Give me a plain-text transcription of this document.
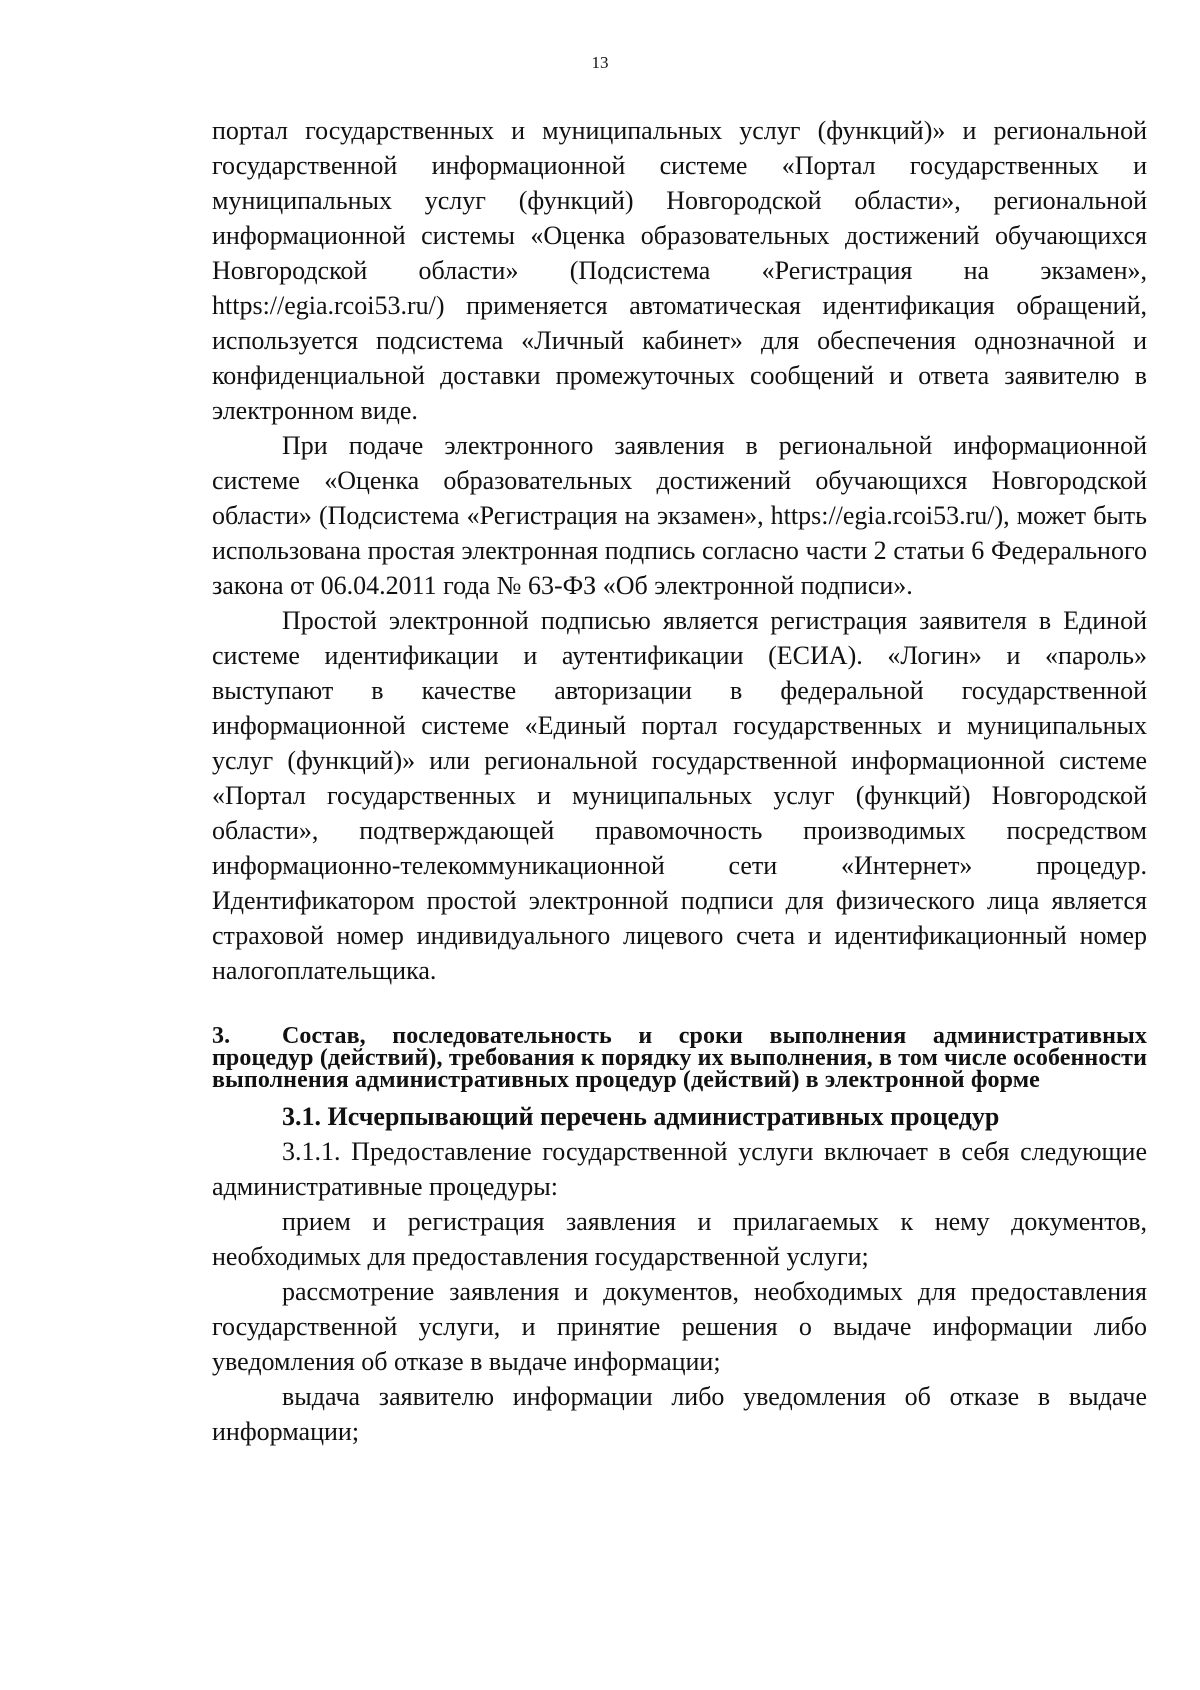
13

портал государственных и муниципальных услуг (функций)» и региональной государственной информационной системе «Портал государственных и муниципальных услуг (функций) Новгородской области», региональной информационной системы «Оценка образовательных достижений обучающихся Новгородской области» (Подсистема «Регистрация на экзамен», https://egia.rcoi53.ru/) применяется автоматическая идентификация обращений, используется подсистема «Личный кабинет» для обеспечения однозначной и конфиденциальной доставки промежуточных сообщений и ответа заявителю в электронном виде.

При подаче электронного заявления в региональной информационной системе «Оценка образовательных достижений обучающихся Новгородской области» (Подсистема «Регистрация на экзамен», https://egia.rcoi53.ru/), может быть использована простая электронная подпись согласно части 2 статьи 6 Федерального закона от 06.04.2011 года № 63-ФЗ «Об электронной подписи».

Простой электронной подписью является регистрация заявителя в Единой системе идентификации и аутентификации (ЕСИА). «Логин» и «пароль» выступают в качестве авторизации в федеральной государственной информационной системе «Единый портал государственных и муниципальных услуг (функций)» или региональной государственной информационной системе «Портал государственных и муниципальных услуг (функций) Новгородской области», подтверждающей правомочность производимых посредством информационно-телекоммуникационной сети «Интернет» процедур. Идентификатором простой электронной подписи для физического лица является страховой номер индивидуального лицевого счета и идентификационный номер налогоплательщика.

3. Состав, последовательность и сроки выполнения административных процедур (действий), требования к порядку их выполнения, в том числе особенности выполнения административных процедур (действий) в электронной форме

3.1. Исчерпывающий перечень административных процедур

3.1.1. Предоставление государственной услуги включает в себя следующие административные процедуры:

прием и регистрация заявления и прилагаемых к нему документов, необходимых для предоставления государственной услуги;

рассмотрение заявления и документов, необходимых для предоставления государственной услуги, и принятие решения о выдаче информации либо уведомления об отказе в выдаче информации;

выдача заявителю информации либо уведомления об отказе в выдаче информации;
